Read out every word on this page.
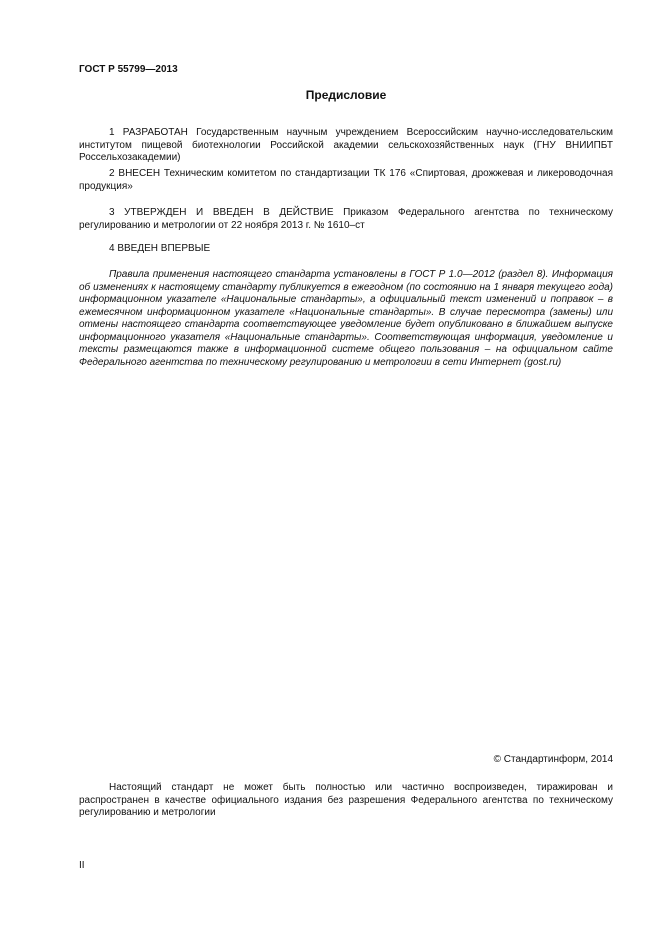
ГОСТ Р 55799—2013
Предисловие

1 РАЗРАБОТАН Государственным научным учреждением Всероссийским научно-исследовательским институтом пищевой биотехнологии Российской академии сельскохозяйственных наук (ГНУ ВНИИПБТ Россельхозакадемии)

2 ВНЕСЕН Техническим комитетом по стандартизации ТК 176 «Спиртовая, дрожжевая и ликероводочная продукция»

3 УТВЕРЖДЕН И ВВЕДЕН В ДЕЙСТВИЕ Приказом Федерального агентства по техническому регулированию и метрологии от 22 ноября 2013 г. № 1610–ст

4 ВВЕДЕН ВПЕРВЫЕ

Правила применения настоящего стандарта установлены в ГОСТ Р 1.0—2012 (раздел 8). Информация об изменениях к настоящему стандарту публикуется в ежегодном (по состоянию на 1 января текущего года) информационном указателе «Национальные стандарты», а официальный текст изменений и поправок – в ежемесячном информационном указателе «Национальные стандарты». В случае пересмотра (замены) или отмены настоящего стандарта соответствующее уведомление будет опубликовано в ближайшем выпуске информационного указателя «Национальные стандарты». Соответствующая информация, уведомление и тексты размещаются также в информационной системе общего пользования – на официальном сайте Федерального агентства по техническому регулированию и метрологии в сети Интернет (gost.ru)

© Стандартинформ, 2014

Настоящий стандарт не может быть полностью или частично воспроизведен, тиражирован и распространен в качестве официального издания без разрешения Федерального агентства по техническому регулированию и метрологии

II
